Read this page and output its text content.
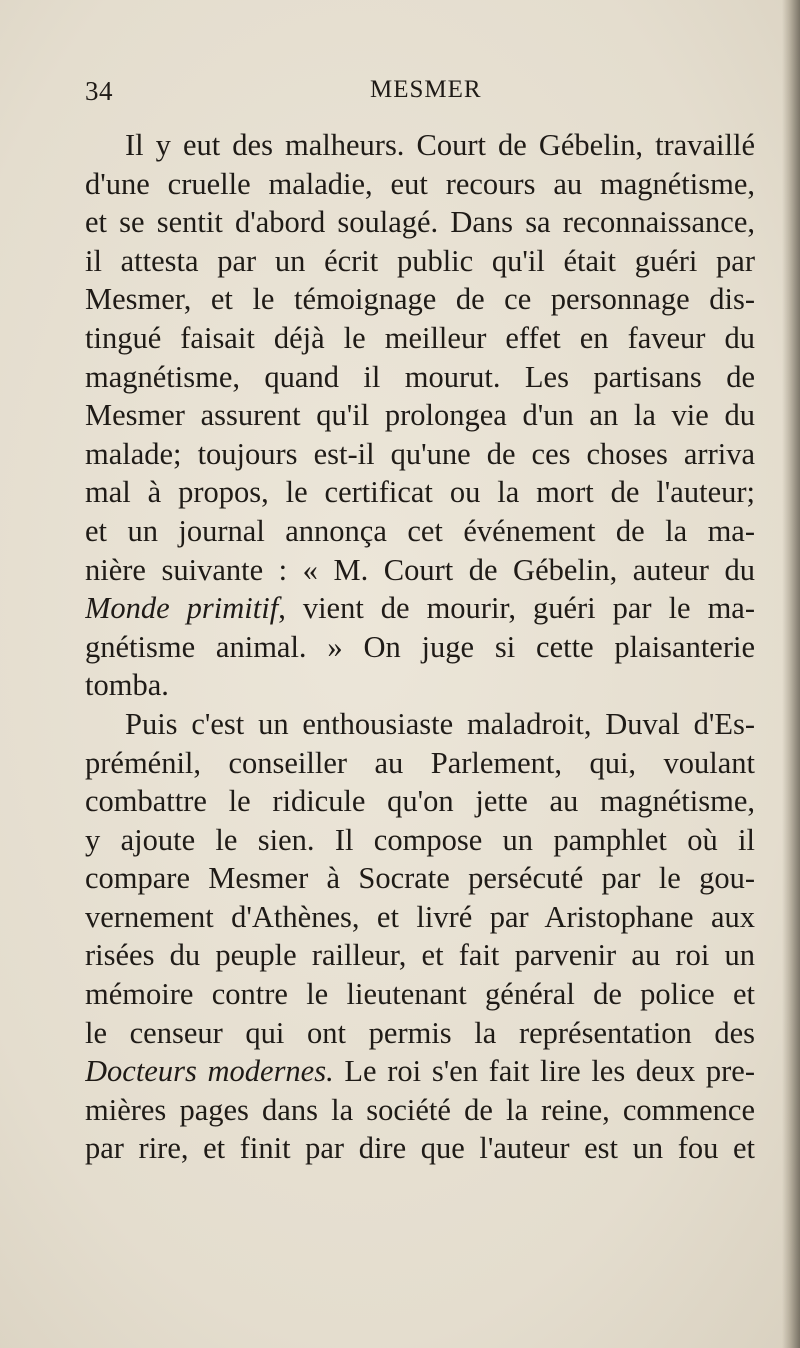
34	MESMER
Il y eut des malheurs. Court de Gébelin, travaillé
d'une cruelle maladie, eut recours au magnétisme,
et se sentit d'abord soulagé. Dans sa reconnaissance,
il attesta par un écrit public qu'il était guéri par
Mesmer, et le témoignage de ce personnage dis-
tingué faisait déjà le meilleur effet en faveur du
magnétisme, quand il mourut. Les partisans de
Mesmer assurent qu'il prolongea d'un an la vie du
malade; toujours est-il qu'une de ces choses arriva
mal à propos, le certificat ou la mort de l'auteur;
et un journal annonça cet événement de la ma-
nière suivante : « M. Court de Gébelin, auteur du
Monde primitif, vient de mourir, guéri par le ma-
gnétisme animal. » On juge si cette plaisanterie
tomba.
Puis c'est un enthousiaste maladroit, Duval d'Es-
préménil, conseiller au Parlement, qui, voulant
combattre le ridicule qu'on jette au magnétisme,
y ajoute le sien. Il compose un pamphlet où il
compare Mesmer à Socrate persécuté par le gou-
vernement d'Athènes, et livré par Aristophane aux
risées du peuple railleur, et fait parvenir au roi un
mémoire contre le lieutenant général de police et
le censeur qui ont permis la représentation des
Docteurs modernes. Le roi s'en fait lire les deux pre-
mières pages dans la société de la reine, commence
par rire, et finit par dire que l'auteur est un fou et
